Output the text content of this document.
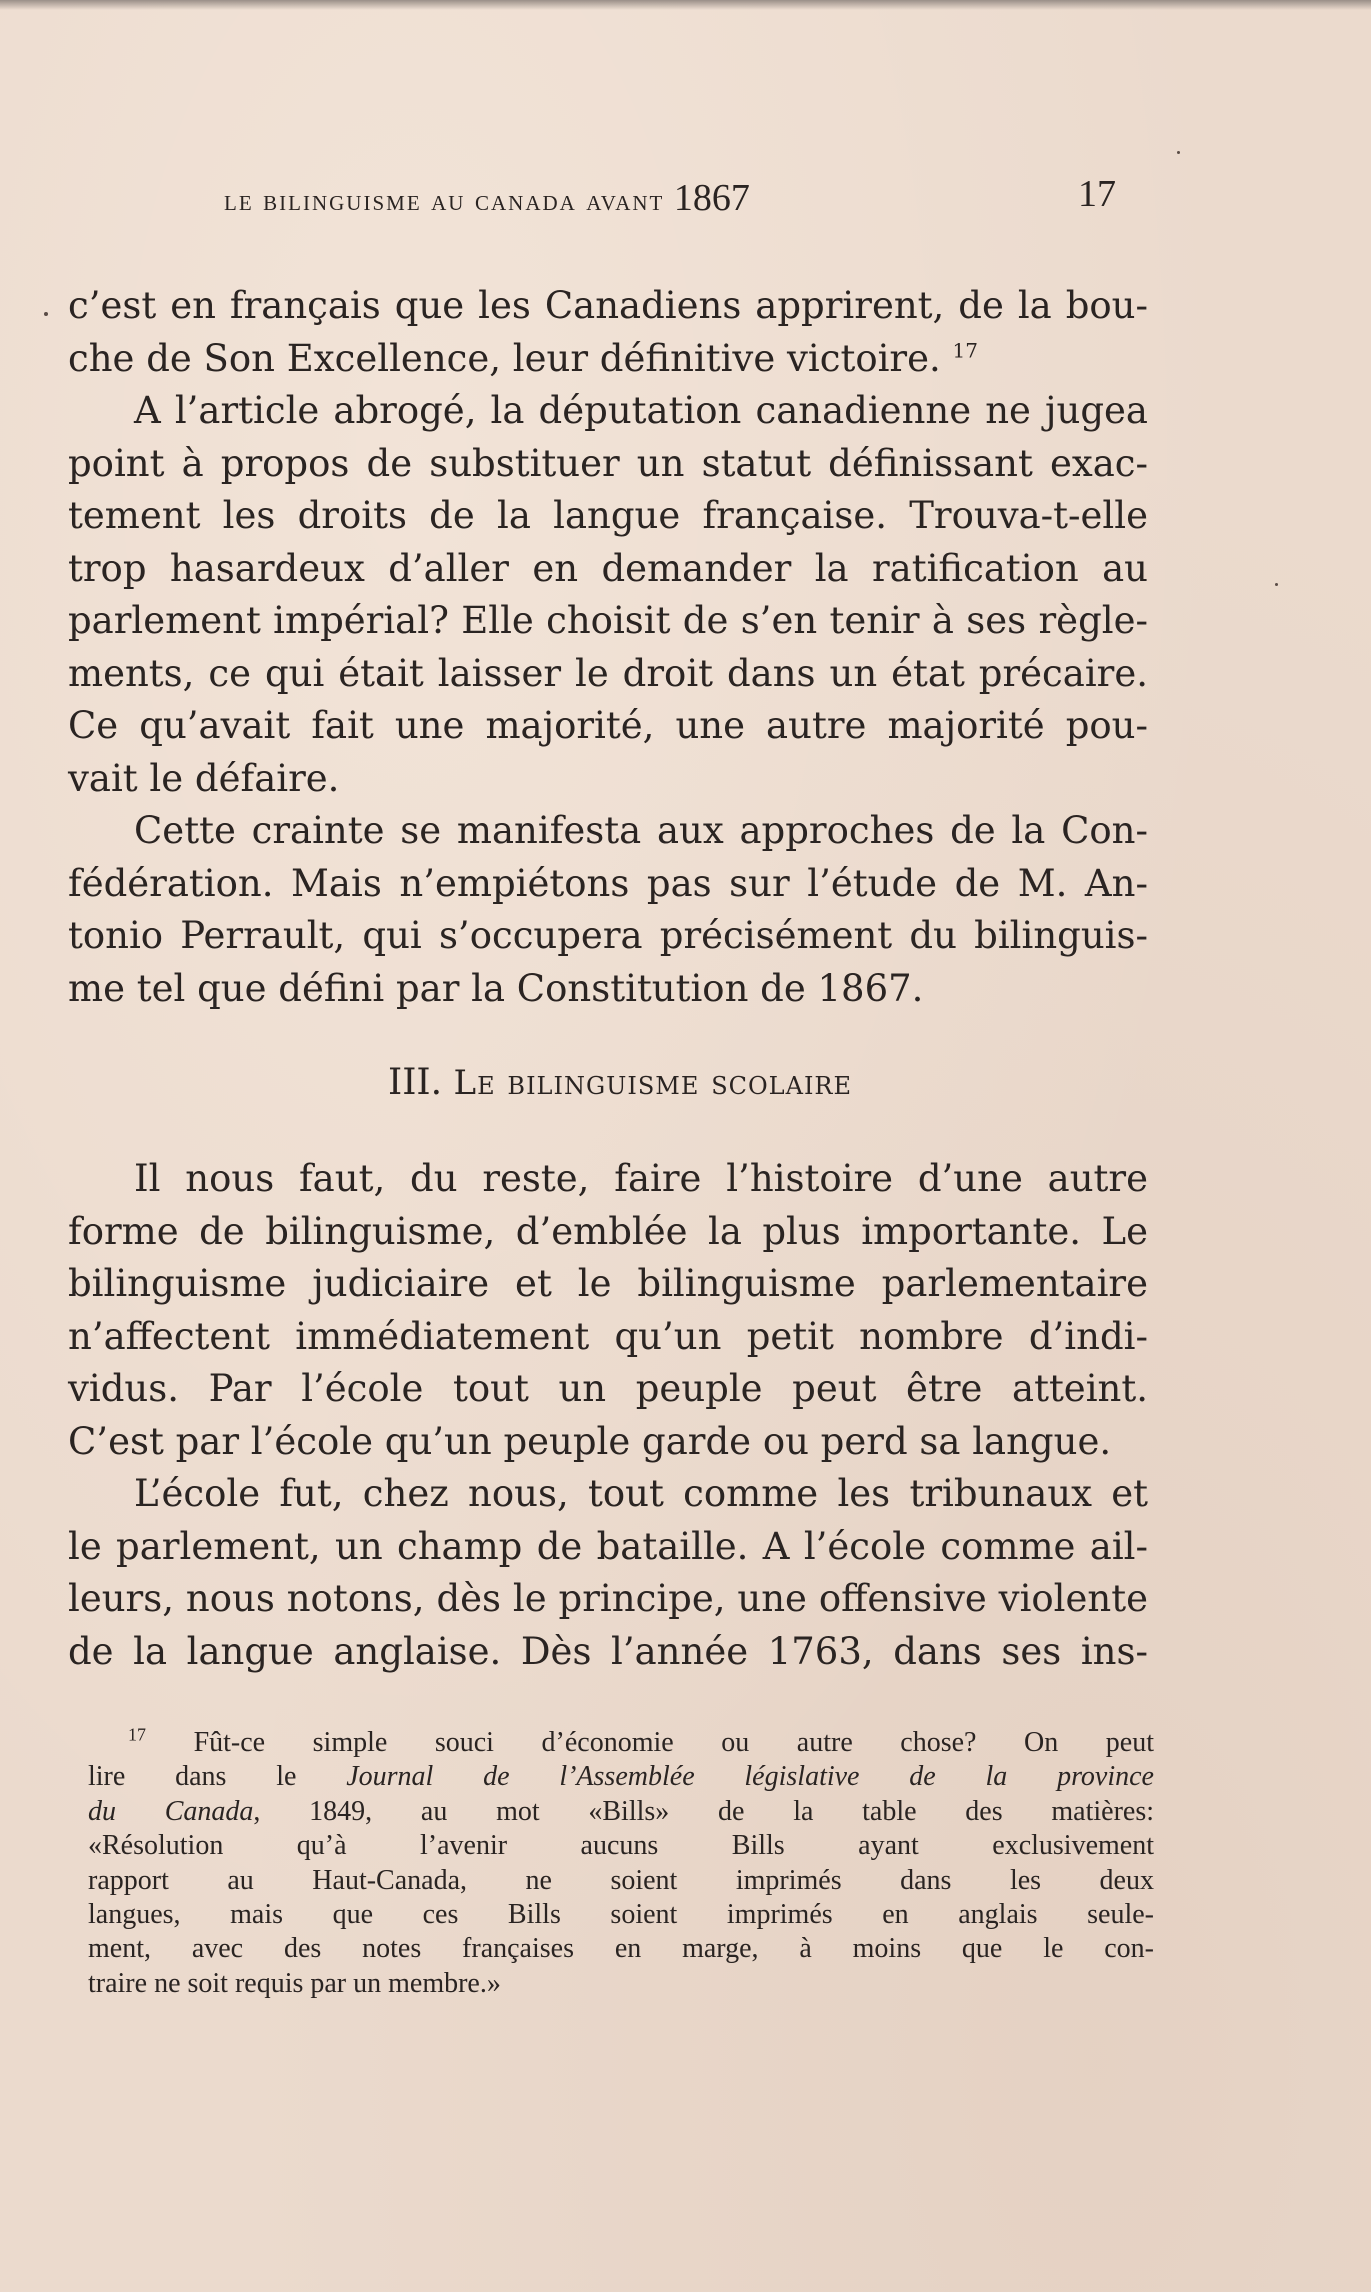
le bilinguisme au canada avant 1867	17
c’est en français que les Canadiens apprirent, de la bou-
che de Son Excellence, leur définitive victoire. $^{17}$
A l’article abrogé, la députation canadienne ne jugea
point à propos de substituer un statut définissant exac-
tement les droits de la langue française. Trouva-t-elle
trop hasardeux d’aller en demander la ratification au
parlement impérial? Elle choisit de s’en tenir à ses règle-
ments, ce qui était laisser le droit dans un état précaire.
Ce qu’avait fait une majorité, une autre majorité pou-
vait le défaire.
Cette crainte se manifesta aux approches de la Con-
fédération. Mais n’empiétons pas sur l’étude de M. An-
tonio Perrault, qui s’occupera précisément du bilinguis-
me tel que défini par la Constitution de 1867.
III. Le bilinguisme scolaire
Il nous faut, du reste, faire l’histoire d’une autre
forme de bilinguisme, d’emblée la plus importante. Le
bilinguisme judiciaire et le bilinguisme parlementaire
n’affectent immédiatement qu’un petit nombre d’indi-
vidus. Par l’école tout un peuple peut être atteint.
C’est par l’école qu’un peuple garde ou perd sa langue.
L’école fut, chez nous, tout comme les tribunaux et
le parlement, un champ de bataille. A l’école comme ail-
leurs, nous notons, dès le principe, une offensive violente
de la langue anglaise. Dès l’année 1763, dans ses ins-
$^{17}$ Fût-ce simple souci d’économie ou autre chose? On peut
lire dans le Journal de l’Assemblée législative de la province
du Canada, 1849, au mot «Bills» de la table des matières:
«Résolution qu’à l’avenir aucuns Bills ayant exclusivement
rapport au Haut-Canada, ne soient imprimés dans les deux
langues, mais que ces Bills soient imprimés en anglais seule-
ment, avec des notes françaises en marge, à moins que le con-
traire ne soit requis par un membre.»
